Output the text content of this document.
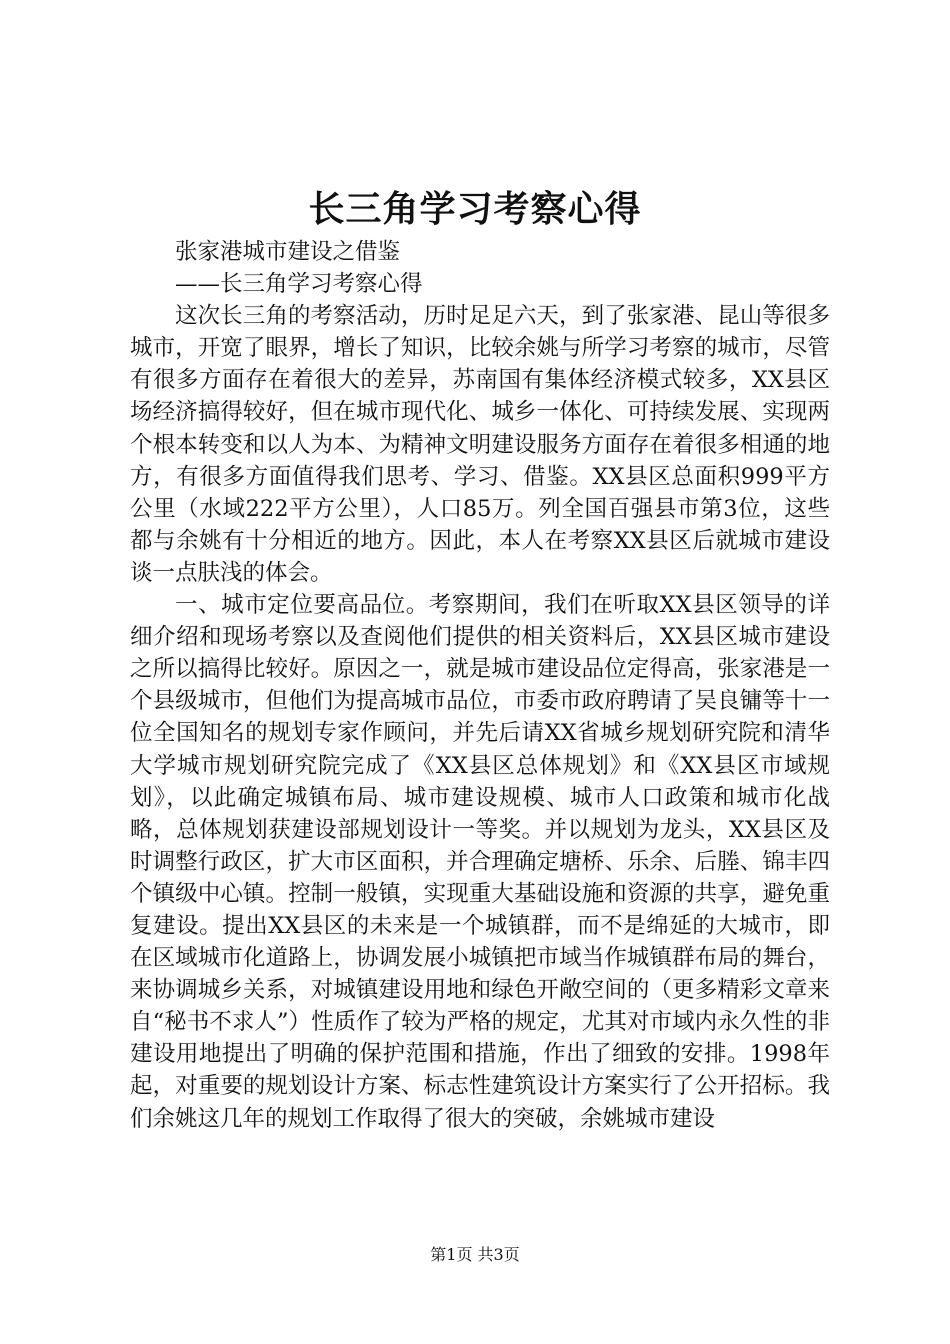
长三角学习考察心得

张家港城市建设之借鉴

——长三角学习考察心得

这次长三角的考察活动，历时足足六天，到了张家港、昆山等很多城市，开宽了眼界，增长了知识，比较余姚与所学习考察的城市，尽管有很多方面存在着很大的差异，苏南国有集体经济模式较多，XX县区场经济搞得较好，但在城市现代化、城乡一体化、可持续发展、实现两个根本转变和以人为本、为精神文明建设服务方面存在着很多相通的地方，有很多方面值得我们思考、学习、借鉴。XX县区总面积999平方公里（水域222平方公里），人口85万。列全国百强县市第3位，这些都与余姚有十分相近的地方。因此，本人在考察XX县区后就城市建设谈一点肤浅的体会。

一、城市定位要高品位。考察期间，我们在听取XX县区领导的详细介绍和现场考察以及查阅他们提供的相关资料后，XX县区城市建设之所以搞得比较好。原因之一，就是城市建设品位定得高，张家港是一个县级城市，但他们为提高城市品位，市委市政府聘请了吴良镛等十一位全国知名的规划专家作顾问，并先后请XX省城乡规划研究院和清华大学城市规划研究院完成了《XX县区总体规划》和《XX县区市域规划》，以此确定城镇布局、城市建设规模、城市人口政策和城市化战略，总体规划获建设部规划设计一等奖。并以规划为龙头，XX县区及时调整行政区，扩大市区面积，并合理确定塘桥、乐余、后塍、锦丰四个镇级中心镇。控制一般镇，实现重大基础设施和资源的共享，避免重复建设。提出XX县区的未来是一个城镇群，而不是绵延的大城市，即在区域城市化道路上，协调发展小城镇把市域当作城镇群布局的舞台，来协调城乡关系，对城镇建设用地和绿色开敞空间的（更多精彩文章来自“秘书不求人”）性质作了较为严格的规定，尤其对市域内永久性的非建设用地提出了明确的保护范围和措施，作出了细致的安排。1998年起，对重要的规划设计方案、标志性建筑设计方案实行了公开招标。我们余姚这几年的规划工作取得了很大的突破，余姚城市建设

第1页 共3页
